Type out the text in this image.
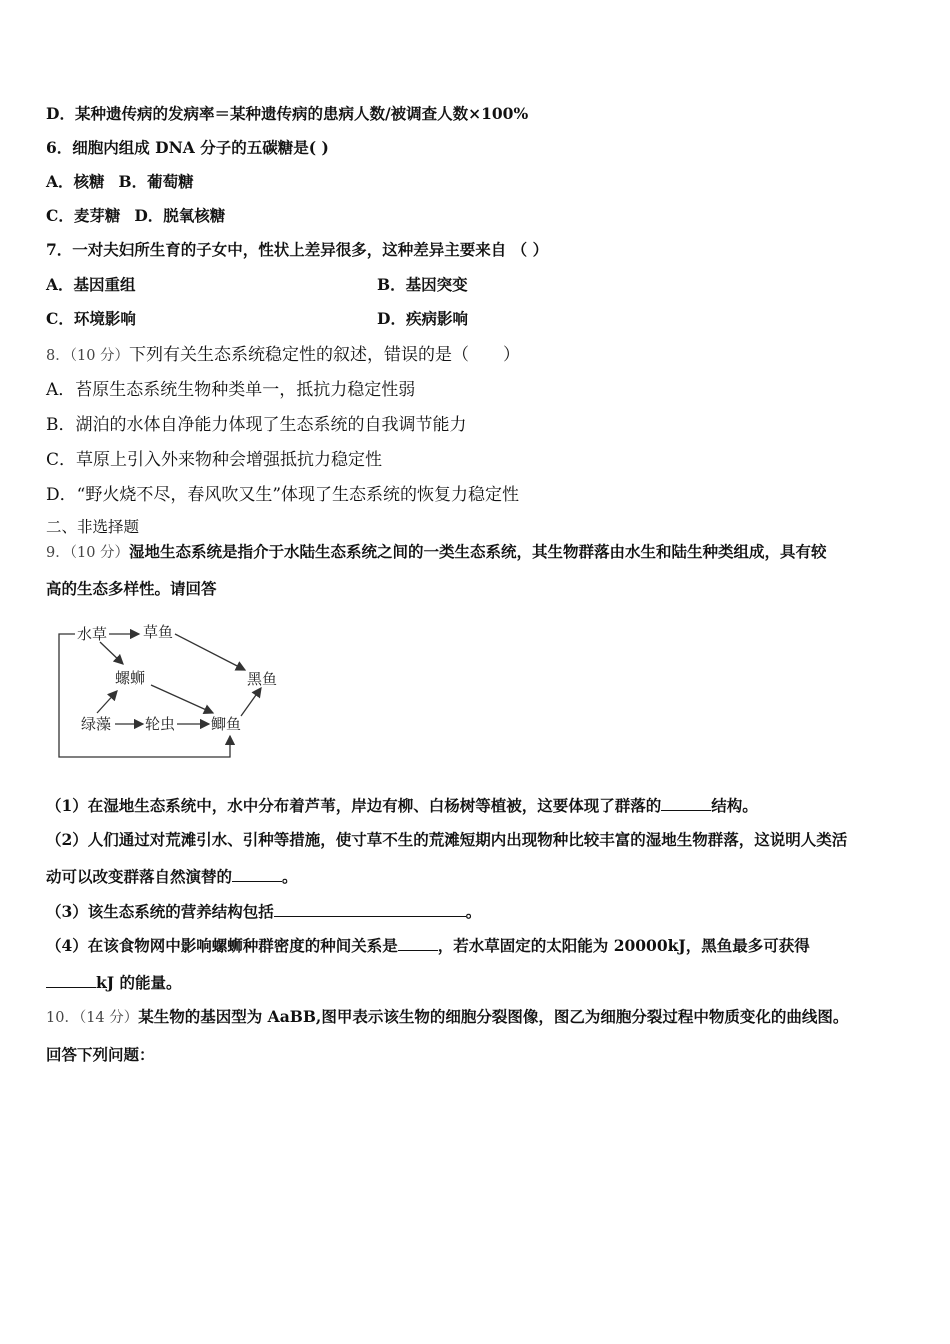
D．某种遗传病的发病率＝某种遗传病的患病人数/被调查人数×100%
6．细胞内组成 DNA 分子的五碳糖是( )
A．核糖 B．葡萄糖
C．麦芽糖 D．脱氧核糖
7．一对夫妇所生育的子女中，性状上差异很多，这种差异主要来自 （ ）
A．基因重组	B．基因突变
C．环境影响	D．疾病影响
8．（10 分）下列有关生态系统稳定性的叙述，错误的是（　　）
A．苔原生态系统生物种类单一，抵抗力稳定性弱
B．湖泊的水体自净能力体现了生态系统的自我调节能力
C．草原上引入外来物种会增强抵抗力稳定性
D．“野火烧不尽，春风吹又生”体现了生态系统的恢复力稳定性
二、非选择题
9．（10 分）湿地生态系统是指介于水陆生态系统之间的一类生态系统，其生物群落由水生和陆生种类组成，具有较
高的生态多样性。请回答
水草 草鱼
螺蛳	黑鱼
绿藻 轮虫 鲫鱼
（1）在湿地生态系统中，水中分布着芦苇，岸边有柳、白杨树等植被，这要体现了群落的	结构。
（2）人们通过对荒滩引水、引种等措施，使寸草不生的荒滩短期内出现物种比较丰富的湿地生物群落，这说明人类活
动可以改变群落自然演替的	。
（3）该生态系统的营养结构包括	。
（4）在该食物网中影响螺蛳种群密度的种间关系是	，若水草固定的太阳能为 20000kJ，黑鱼最多可获得
kJ 的能量。
10．（14 分）某生物的基因型为 AaBB,图甲表示该生物的细胞分裂图像，图乙为细胞分裂过程中物质变化的曲线图。
回答下列问题：
